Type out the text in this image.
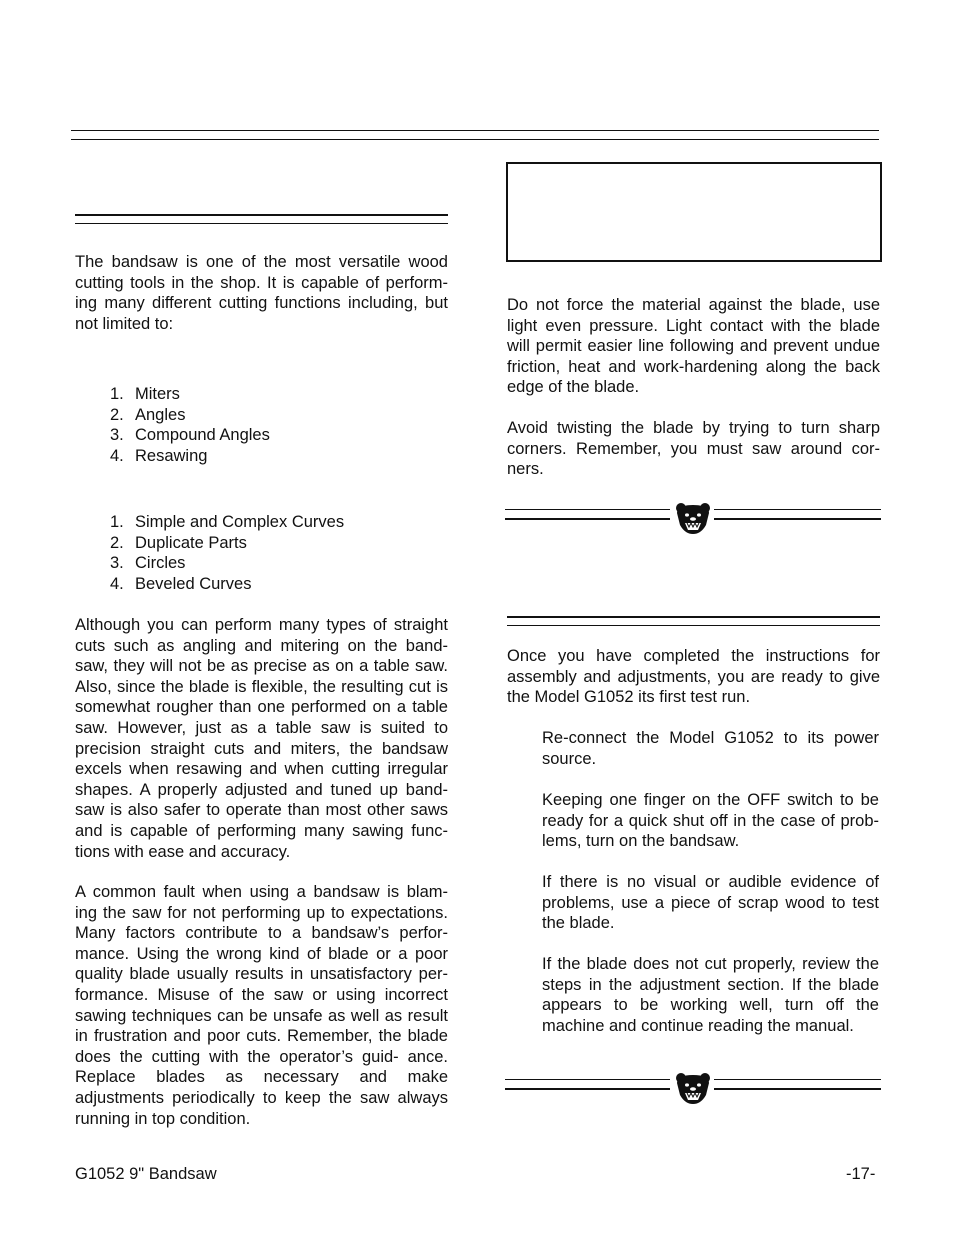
The bandsaw is one of the most versatile wood cutting tools in the shop. It is capable of perform- ing many different cutting functions including, but not limited to:

1. Miters
2. Angles
3. Compound Angles
4. Resawing
1. Simple and Complex Curves
2. Duplicate Parts
3. Circles
4. Beveled Curves

Although you can perform many types of straight cuts such as angling and mitering on the band- saw, they will not be as precise as on a table saw. Also, since the blade is flexible, the resulting cut is somewhat rougher than one performed on a table saw. However, just as a table saw is suited to precision straight cuts and miters, the bandsaw excels when resawing and when cutting irregular shapes. A properly adjusted and tuned up band- saw is also safer to operate than most other saws and is capable of performing many sawing func- tions with ease and accuracy.

A common fault when using a bandsaw is blam- ing the saw for not performing up to expectations. Many factors contribute to a bandsaw’s perfor- mance. Using the wrong kind of blade or a poor quality blade usually results in unsatisfactory per- formance. Misuse of the saw or using incorrect sawing techniques can be unsafe as well as result in frustration and poor cuts. Remember, the blade does the cutting with the operator’s guid- ance. Replace blades as necessary and make adjustments periodically to keep the saw always running in top condition.

Do not force the material against the blade, use light even pressure. Light contact with the blade will permit easier line following and prevent undue friction, heat and work-hardening along the back edge of the blade.

Avoid twisting the blade by trying to turn sharp corners. Remember, you must saw around cor- ners.

Once you have completed the instructions for assembly and adjustments, you are ready to give the Model G1052 its first test run.

Re-connect the Model G1052 to its power source.

Keeping one finger on the OFF switch to be ready for a quick shut off in the case of prob- lems, turn on the bandsaw.

If there is no visual or audible evidence of problems, use a piece of scrap wood to test the blade.

If the blade does not cut properly, review the steps in the adjustment section. If the blade appears to be working well, turn off the machine and continue reading the manual.

G1052 9" Bandsaw	-17-
